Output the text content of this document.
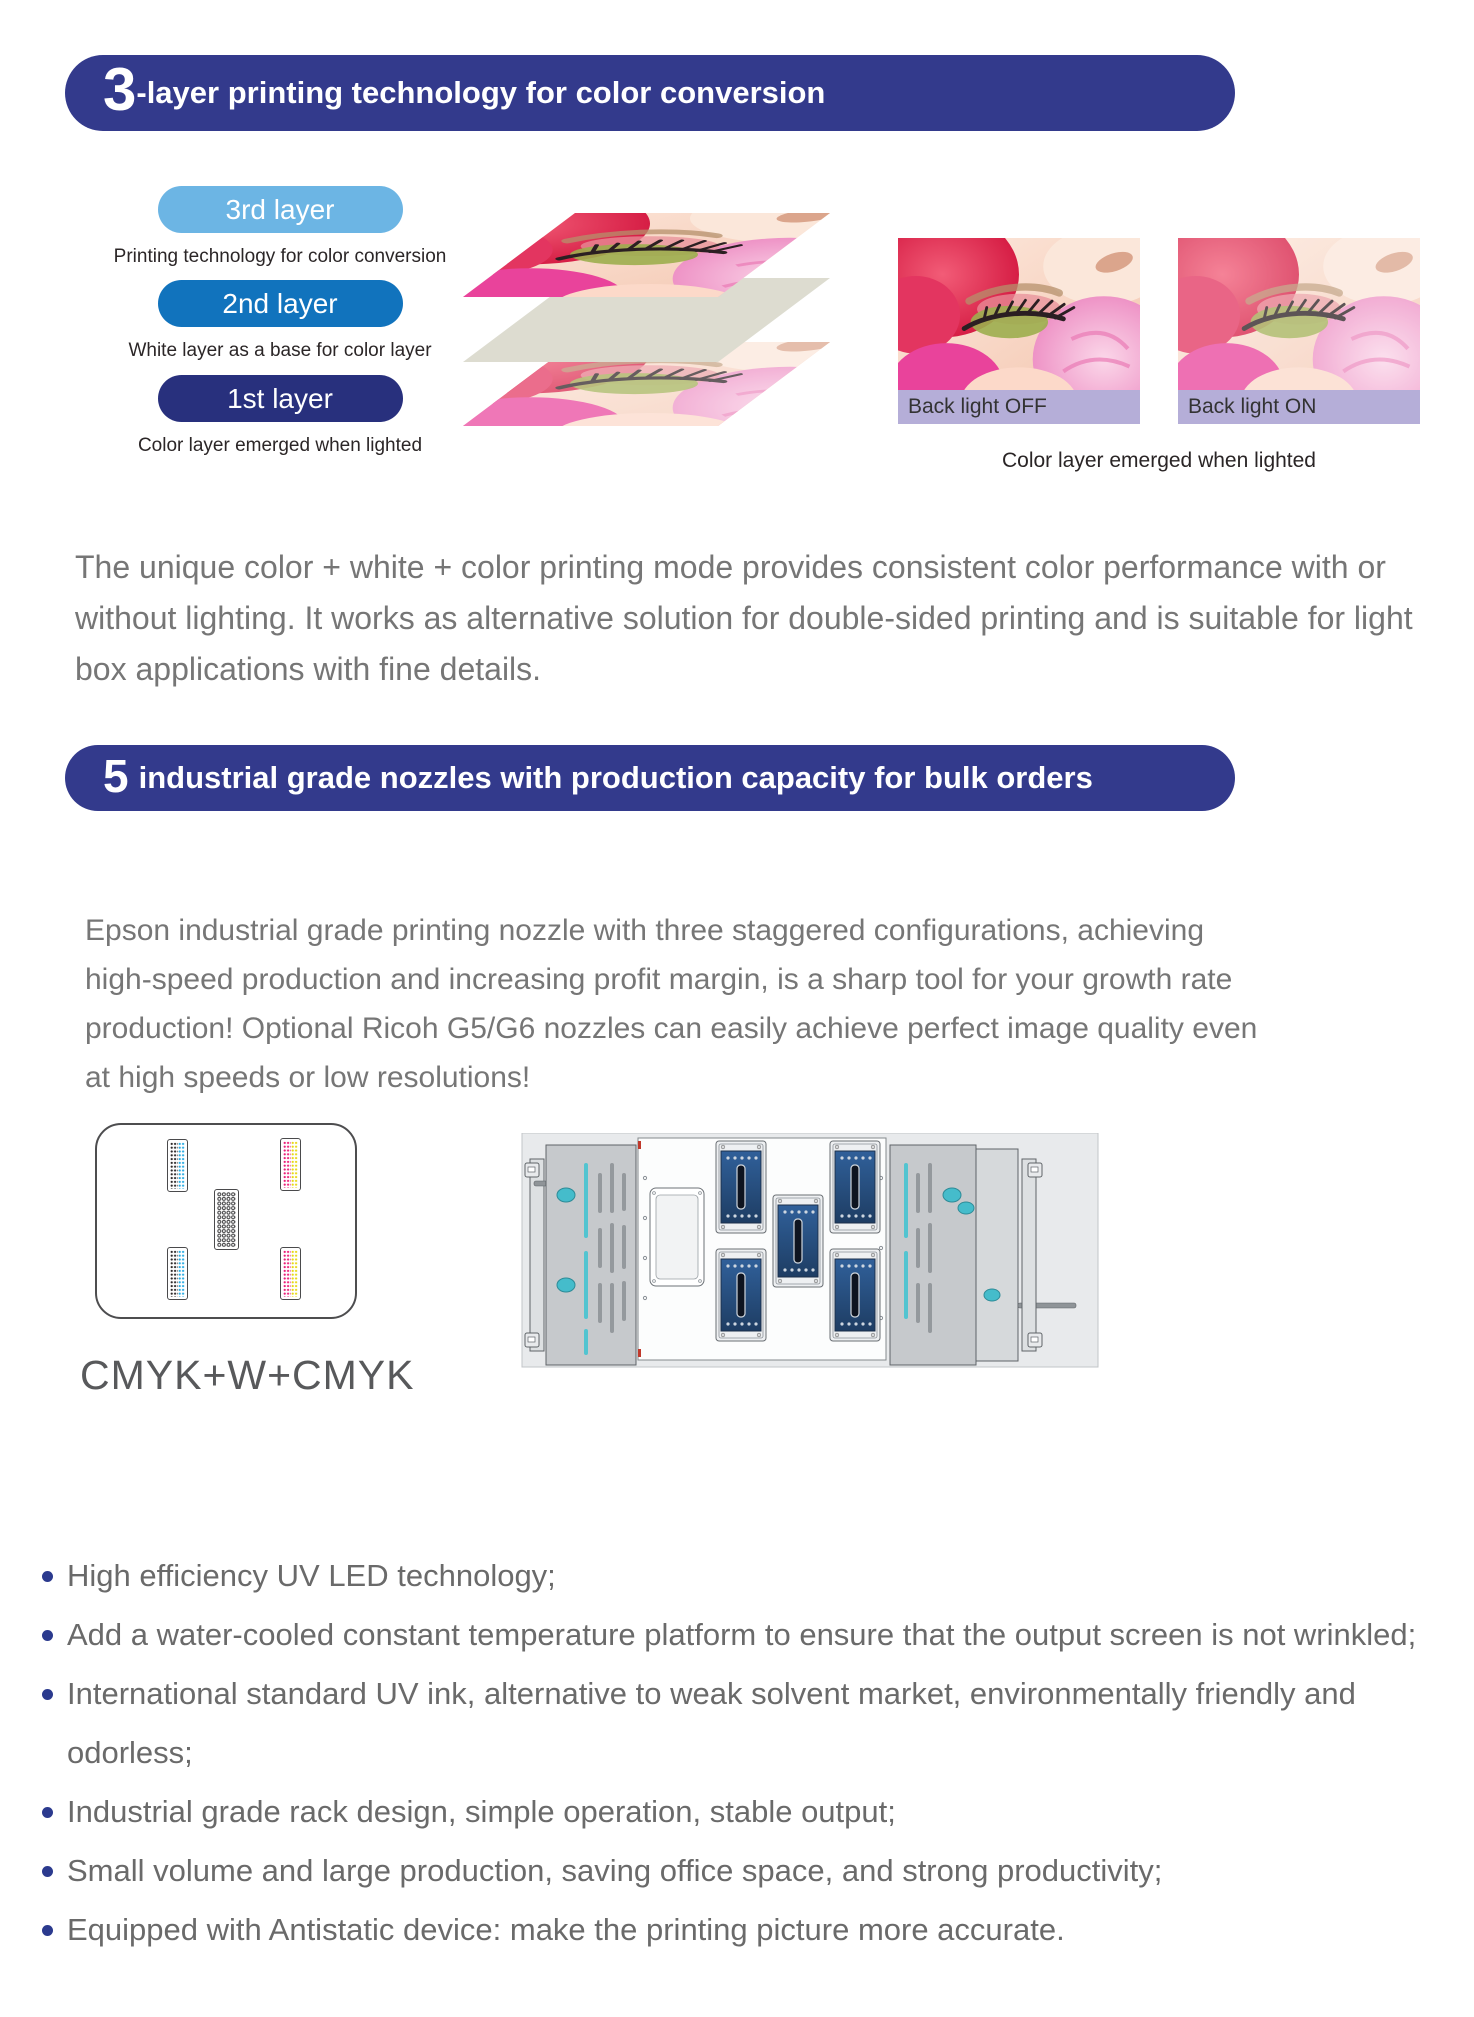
3 -layer printing technology for color conversion
3rd layer
Printing technology for color conversion
2nd layer
White layer as a base for color layer
1st layer
Color layer emerged when lighted
Back light OFF	Back light ON
Color layer emerged when lighted

The unique color + white + color printing mode provides consistent color performance with or without lighting. It works as alternative solution for double-sided printing and is suitable for light box applications with fine details.

5 industrial grade nozzles with production capacity for bulk orders

Epson industrial grade printing nozzle with three staggered configurations, achieving high-speed production and increasing profit margin, is a sharp tool for your growth rate production! Optional Ricoh G5/G6 nozzles can easily achieve perfect image quality even at high speeds or low resolutions!

CMYK+W+CMYK
High efficiency UV LED technology;
Add a water-cooled constant temperature platform to ensure that the output screen is not wrinkled;
International standard UV ink, alternative to weak solvent market, environmentally friendly and odorless;
Industrial grade rack design, simple operation, stable output;
Small volume and large production, saving office space, and strong productivity;
Equipped with Antistatic device: make the printing picture more accurate.
